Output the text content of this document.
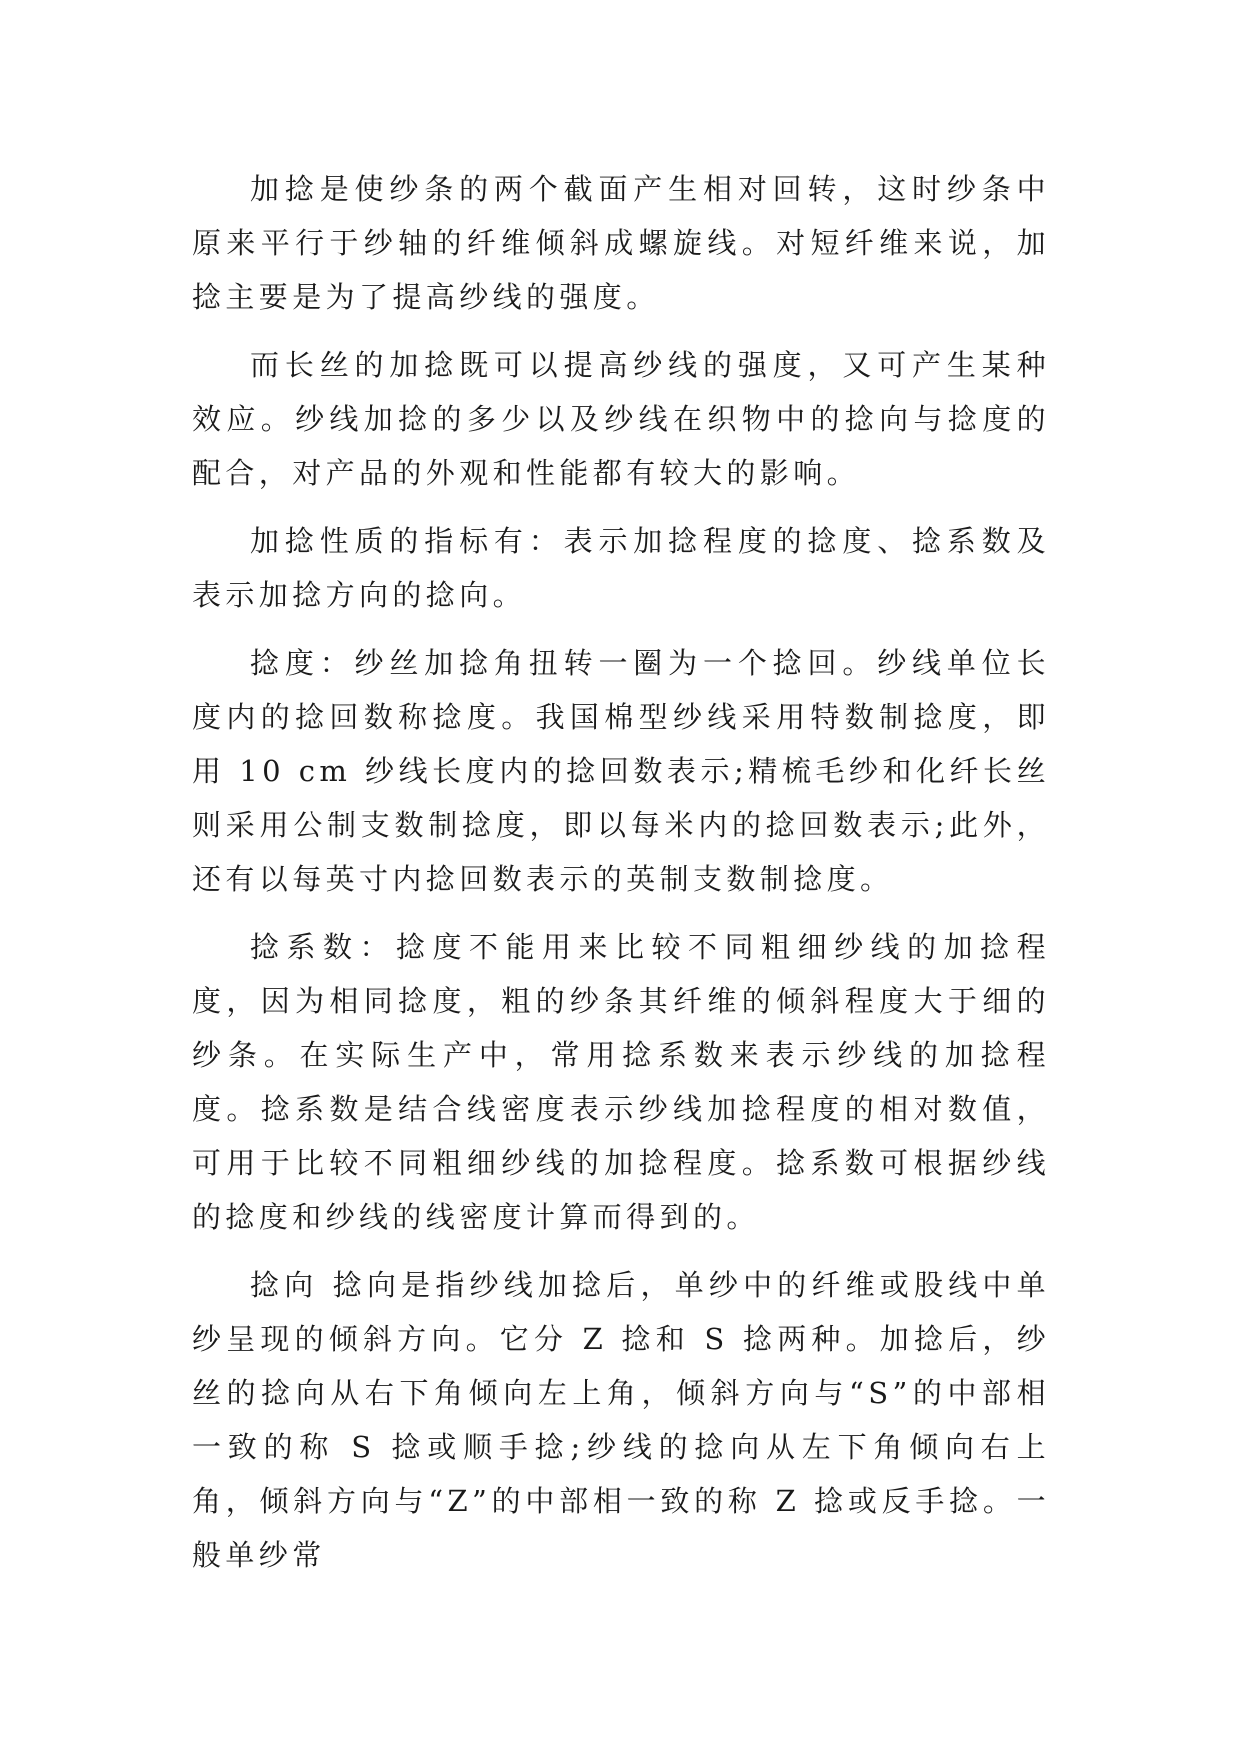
加捻是使纱条的两个截面产生相对回转，这时纱条中原来平行于纱轴的纤维倾斜成螺旋线。对短纤维来说，加捻主要是为了提高纱线的强度。

而长丝的加捻既可以提高纱线的强度，又可产生某种效应。纱线加捻的多少以及纱线在织物中的捻向与捻度的配合，对产品的外观和性能都有较大的影响。

加捻性质的指标有：表示加捻程度的捻度、捻系数及表示加捻方向的捻向。

捻度：纱丝加捻角扭转一圈为一个捻回。纱线单位长度内的捻回数称捻度。我国棉型纱线采用特数制捻度，即用 10 cm 纱线长度内的捻回数表示;精梳毛纱和化纤长丝则采用公制支数制捻度，即以每米内的捻回数表示;此外，还有以每英寸内捻回数表示的英制支数制捻度。

捻系数：捻度不能用来比较不同粗细纱线的加捻程度，因为相同捻度，粗的纱条其纤维的倾斜程度大于细的纱条。在实际生产中，常用捻系数来表示纱线的加捻程度。捻系数是结合线密度表示纱线加捻程度的相对数值，可用于比较不同粗细纱线的加捻程度。捻系数可根据纱线的捻度和纱线的线密度计算而得到的。

捻向 捻向是指纱线加捻后，单纱中的纤维或股线中单纱呈现的倾斜方向。它分 Z 捻和 S 捻两种。加捻后，纱丝的捻向从右下角倾向左上角，倾斜方向与“S”的中部相一致的称 S 捻或顺手捻;纱线的捻向从左下角倾向右上角，倾斜方向与“Z”的中部相一致的称 Z 捻或反手捻。一般单纱常
